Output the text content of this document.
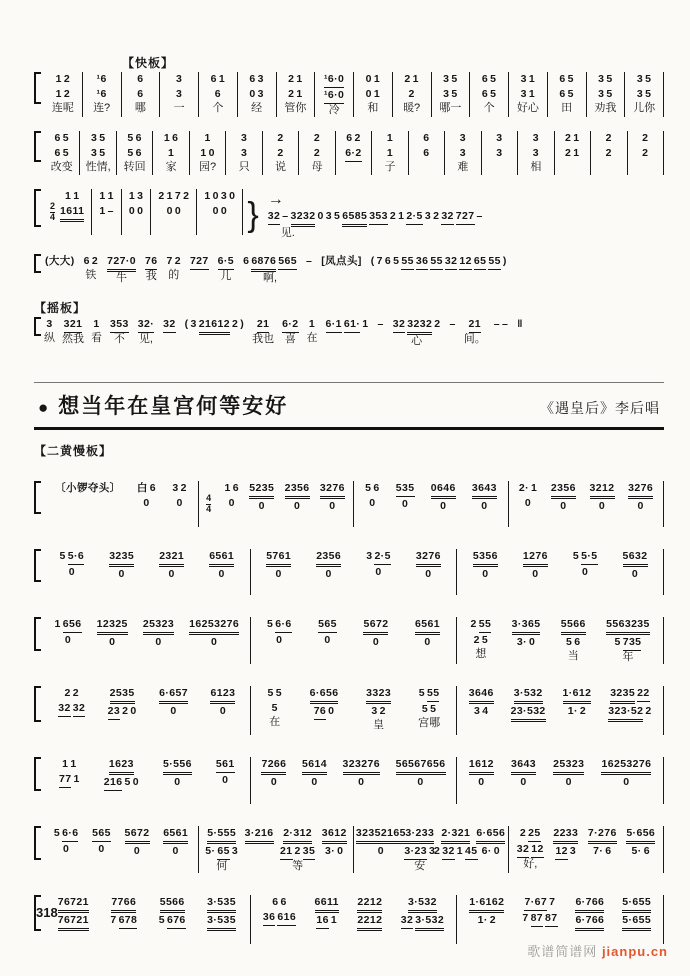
【快板】
1 2
1 2
连呢
¹6
¹6
连?
6
6
哪
3
3
一
6 1
6
个
6 3
0 3
经
2 1
2 1
管你
¹6·0
¹6·0
冷
0 1
0 1
和
2 1
2
暖?
3 5
3 5
哪一
6 5
6 5
个
3 1
3 1
好心
6 5
6 5
田
3 5
3 5
劝我
3 5
3 5
儿你
6 5
6 5
改变
3 5
3 5
性情,
5 6
5 6
转回
1 6
1
家
1
1 0
园?
3
3
只
2
2
说
2
2
母
6 2
6·2

1
1
子
6
6

3
3
难
3
3

3
3
相
2 1
2 1

2
2

2
2

$\frac{2}{4}$
1 1
1611

1 1
1 –

1 3
0 0

2 1 7 2
0 0

1 0 3 0
0 0
} →
32 – 3232 0 3 5 6585 353 2 1 2·5 3 2 32 727 –
见.
(大大)
6 2
铁
727·0
牛
76
我
7 2
的
727
6·5
儿
6 6876 565
啊,
–
[凤点头]
( 7 6 5 55 36 55 32 12 65 55 )

【摇板】
3
纵
321
然我
1
看
353
不
32·
见,
32
( 3 21612 2 )
21
我也
6·2
喜
1
在
6·1 61· 1
–
32 3232 2
心
–
21
间。
– –
‖

● 想当年在皇宫何等安好	《遇皇后》李后唱
【二黄慢板】
〔小锣夺头〕

白 6
0

3 2
0
	$\frac{4}{4}$
1 6
0

5235
0

2356
0

3276
0

5 6
0

535
0

0646
0

3643
0

2· 1
0

2356
0

3212
0

3276
0

5 5·6
0

3235
0

2321
0

6561
0

5761
0

2356
0

3 2·5
0

3276
0

5356
0

1276
0

5 5·5
0

5632
0

1 656
0

12325
0

25323
0

16253276
0

5 6·6
0

565
0

5672
0

6561
0

2 55
2 5
想
3·365
3· 0

5566
5 6
当
5563235
5 735
年
2 2
32 32

2535
23 2 0

6·657
0

6123
0

5 5
5
在
6·656
76 0

3323
3 2
皇
5 55
5 5
宫哪
3646
3 4

3·532
23·532

1·612
1· 2

3235 22
323·52 2

1 1
77 1

1623
216 5 0

5·556
0

561
0

7266
0

5614
0

323276
0

56567656
0

1612
0

3643
0

25323
0

16253276
0

5 6·6
0

565
0

5672
0

6561
0

5·555
5· 65 3
何
3·216

2·312
21 2 35
等
3612
3· 0

32352165
0

3·233
3·23 3
安
2·321
2 32 1 45

6·656
6· 0

2 25
32 12
好,
2233
12 3

7·276
7· 6

5·656
5· 6

76721
76721

7766
7 678

5566
5 676

3·535
3·535

6 6
36 616

6611
16 1

2212
2212

3·532
32 3·532

1·6162
1· 2

7·67 7
7 87 87

6·766
6·766

5·655
5·655

318
歌谱简谱网 jianpu.cn
